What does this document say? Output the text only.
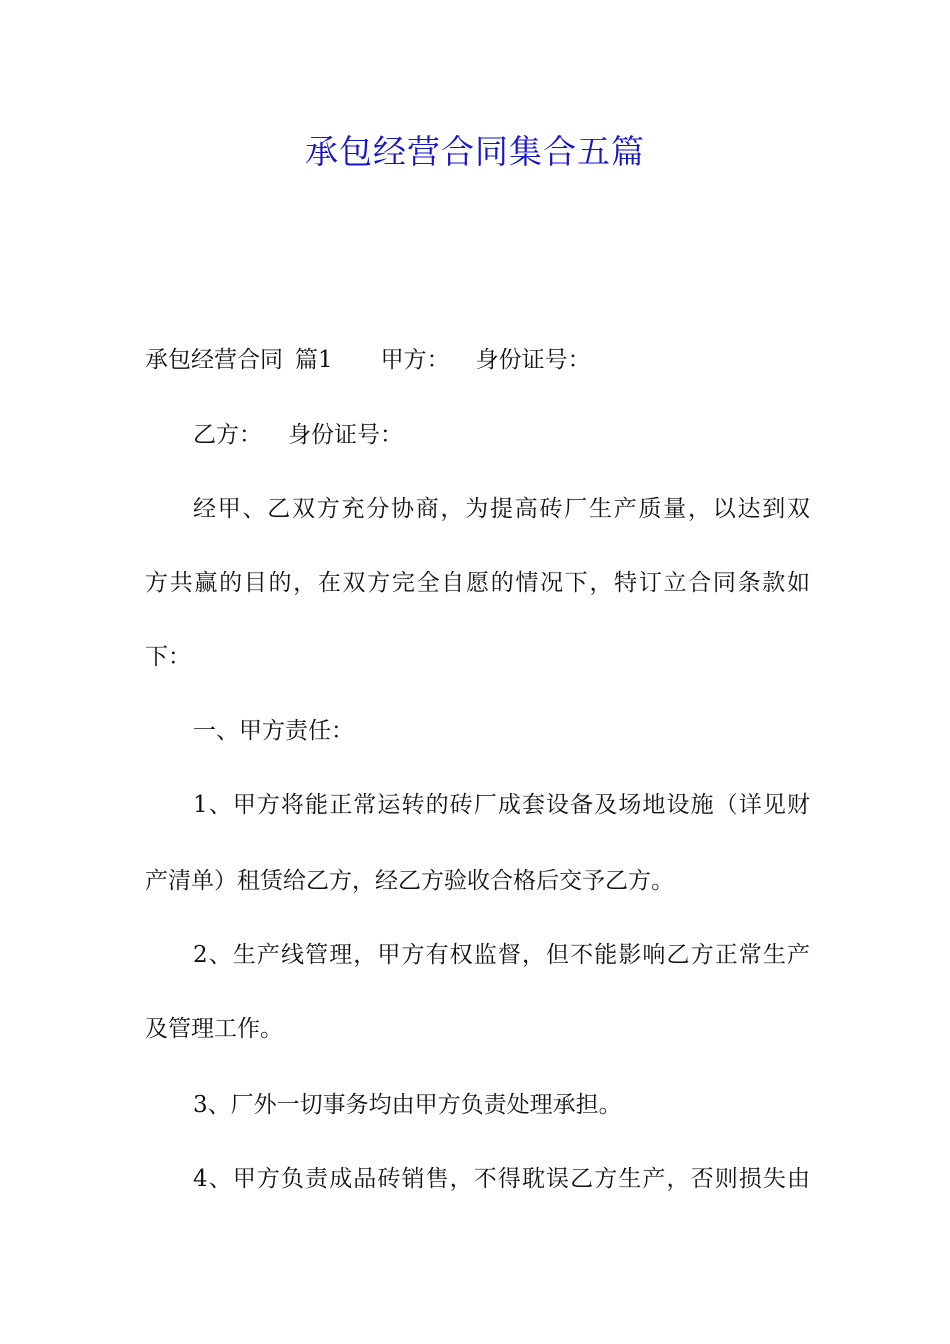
承包经营合同集合五篇
承包经营合同 篇1 甲方： 身份证号：
乙方： 身份证号：
经甲、乙双方充分协商，为提高砖厂生产质量，以达到双
方共赢的目的，在双方完全自愿的情况下，特订立合同条款如
下：
一、甲方责任：
1、甲方将能正常运转的砖厂成套设备及场地设施（详见财
产清单）租赁给乙方，经乙方验收合格后交予乙方。
2、生产线管理，甲方有权监督，但不能影响乙方正常生产
及管理工作。
3、厂外一切事务均由甲方负责处理承担。
4、甲方负责成品砖销售，不得耽误乙方生产，否则损失由
